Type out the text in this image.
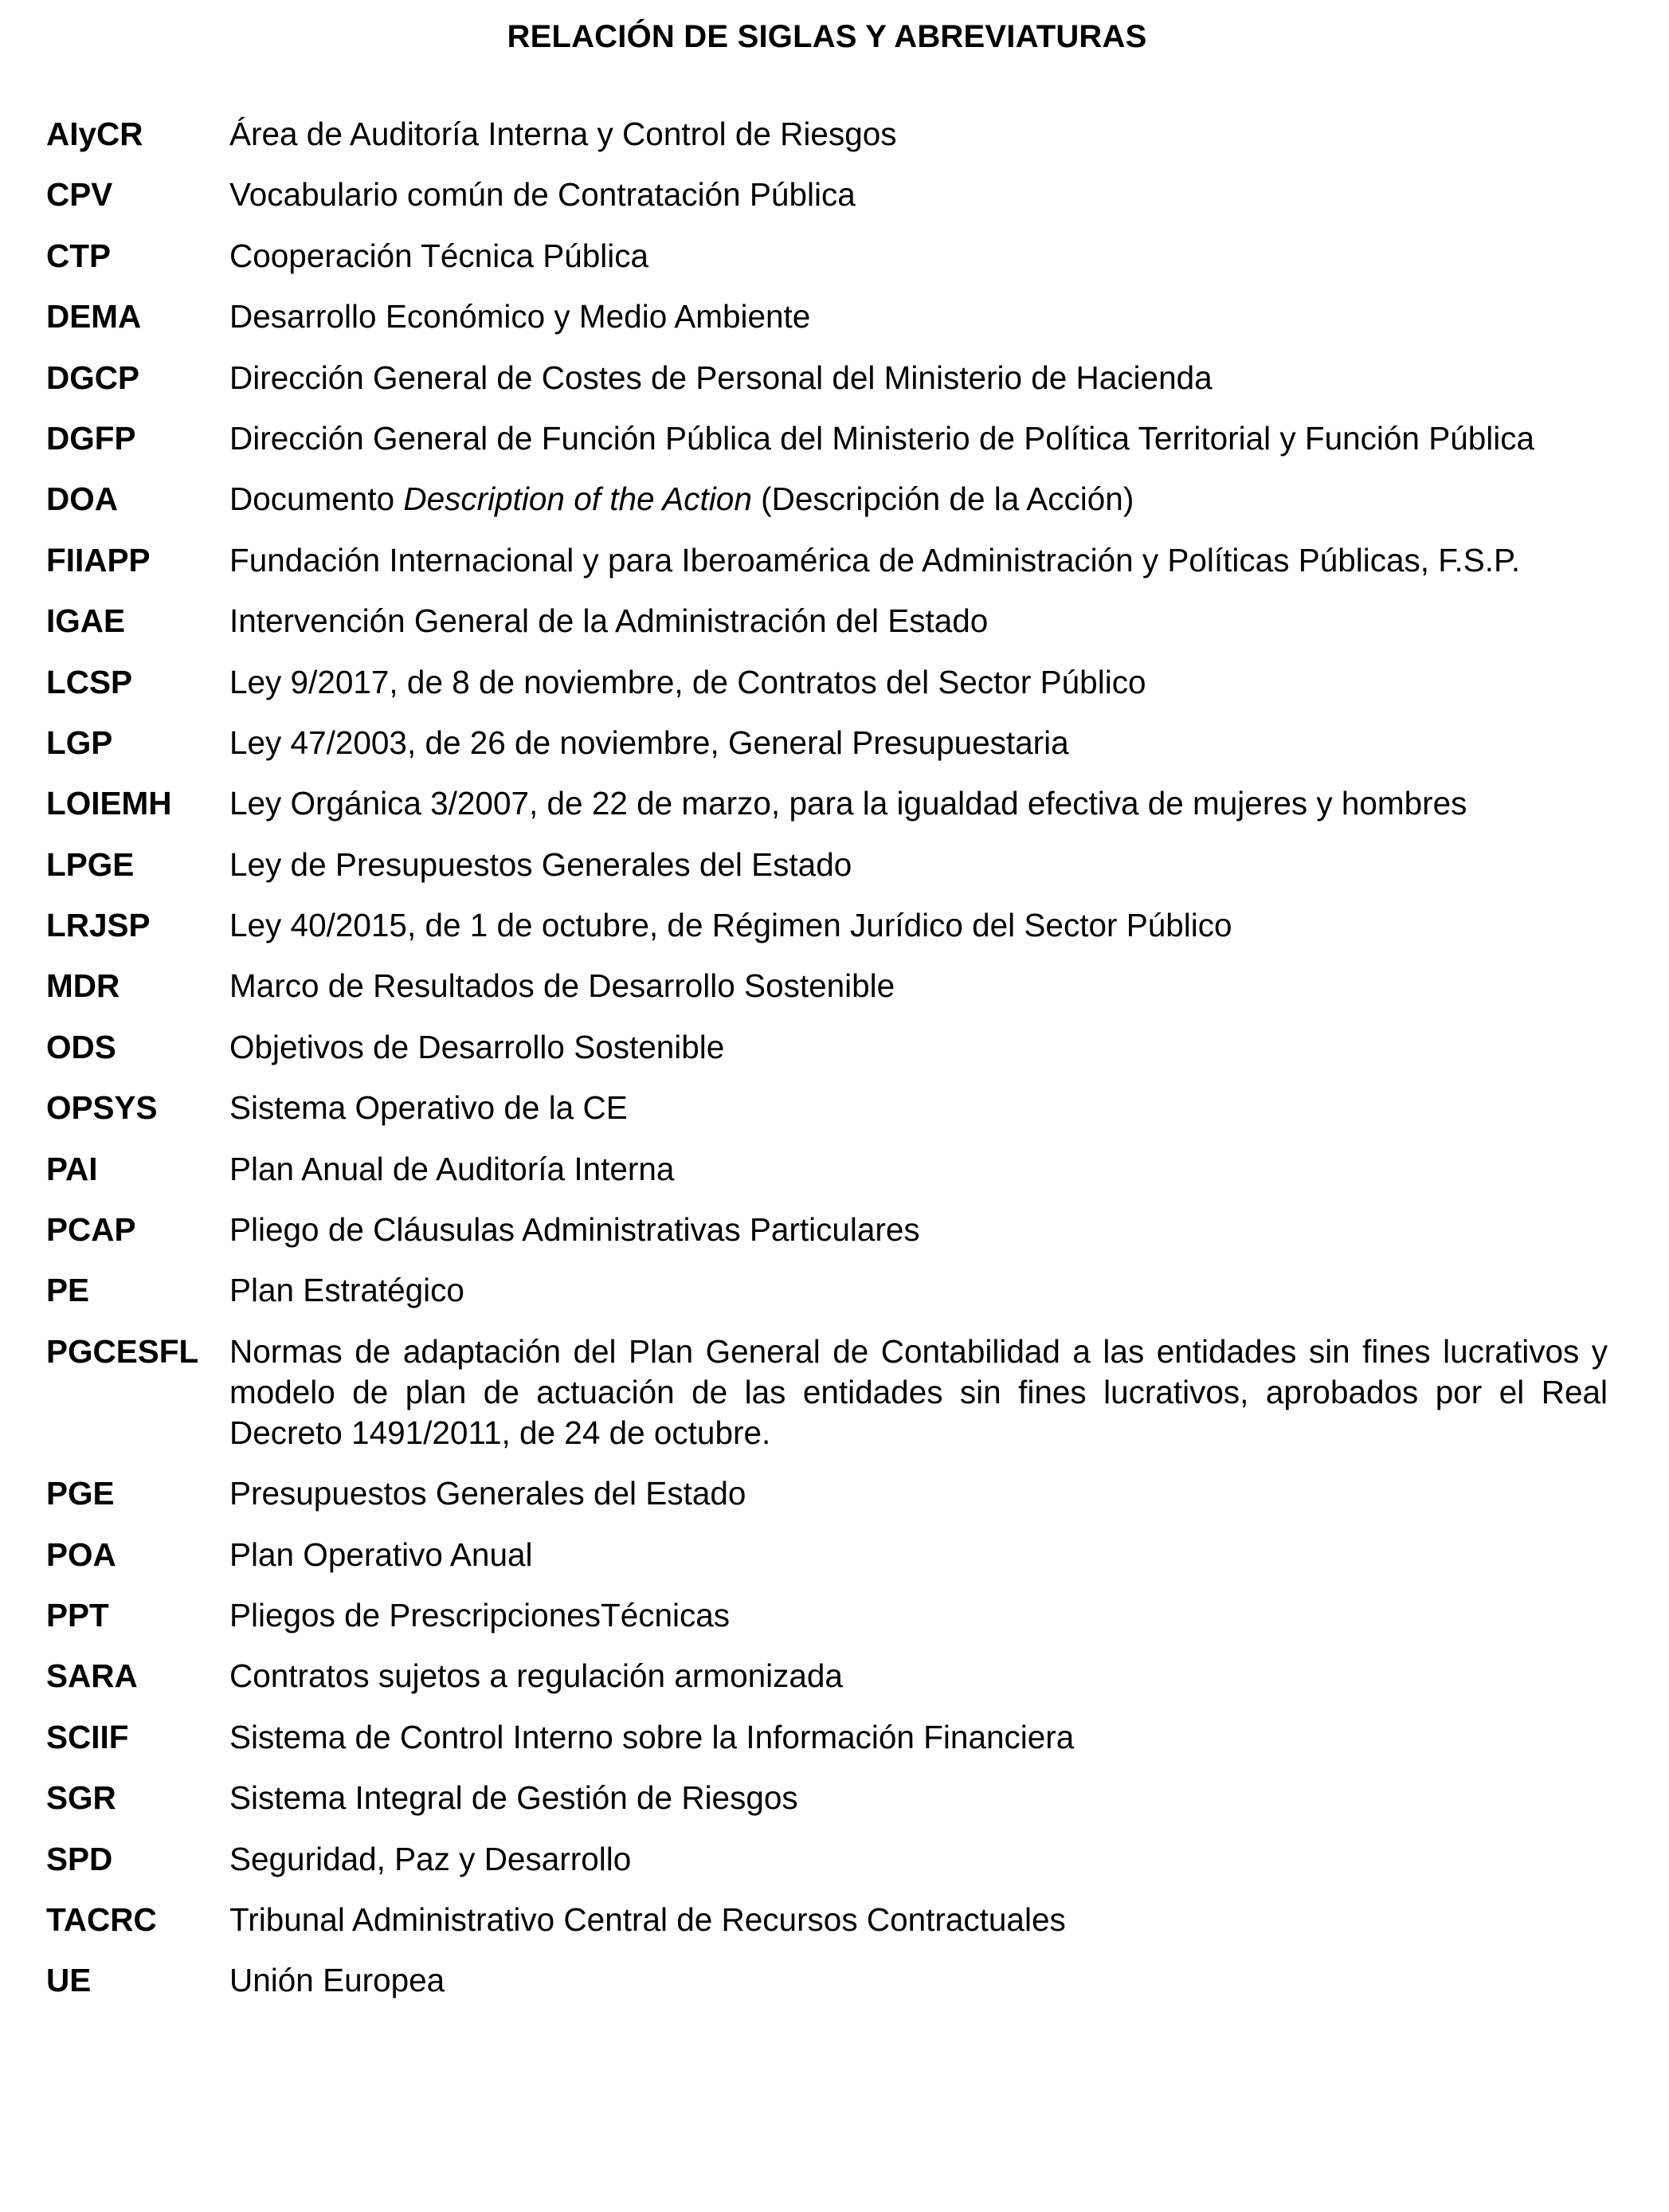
RELACIÓN DE SIGLAS Y ABREVIATURAS
AIyCR	Área de Auditoría Interna y Control de Riesgos
CPV	Vocabulario común de Contratación Pública
CTP	Cooperación Técnica Pública
DEMA	Desarrollo Económico y Medio Ambiente
DGCP	Dirección General de Costes de Personal del Ministerio de Hacienda
DGFP	Dirección General de Función Pública del Ministerio de Política Territorial y Función Pública
DOA	Documento Description of the Action (Descripción de la Acción)
FIIAPP	Fundación Internacional y para Iberoamérica de Administración y Políticas Públicas, F.S.P.
IGAE	Intervención General de la Administración del Estado
LCSP	Ley 9/2017, de 8 de noviembre, de Contratos del Sector Público
LGP	Ley 47/2003, de 26 de noviembre, General Presupuestaria
LOIEMH	Ley Orgánica 3/2007, de 22 de marzo, para la igualdad efectiva de mujeres y hombres
LPGE	Ley de Presupuestos Generales del Estado
LRJSP	Ley 40/2015, de 1 de octubre, de Régimen Jurídico del Sector Público
MDR	Marco de Resultados de Desarrollo Sostenible
ODS	Objetivos de Desarrollo Sostenible
OPSYS	Sistema Operativo de la CE
PAI	Plan Anual de Auditoría Interna
PCAP	Pliego de Cláusulas Administrativas Particulares
PE	Plan Estratégico
PGCESFL Normas de adaptación del Plan General de Contabilidad a las entidades sin fines lucrativos y modelo de plan de actuación de las entidades sin fines lucrativos, aprobados por el Real Decreto 1491/2011, de 24 de octubre.
PGE	Presupuestos Generales del Estado
POA	Plan Operativo Anual
PPT	Pliegos de PrescripcionesTécnicas
SARA	Contratos sujetos a regulación armonizada
SCIIF	Sistema de Control Interno sobre la Información Financiera
SGR	Sistema Integral de Gestión de Riesgos
SPD	Seguridad, Paz y Desarrollo
TACRC	Tribunal Administrativo Central de Recursos Contractuales
UE	Unión Europea
